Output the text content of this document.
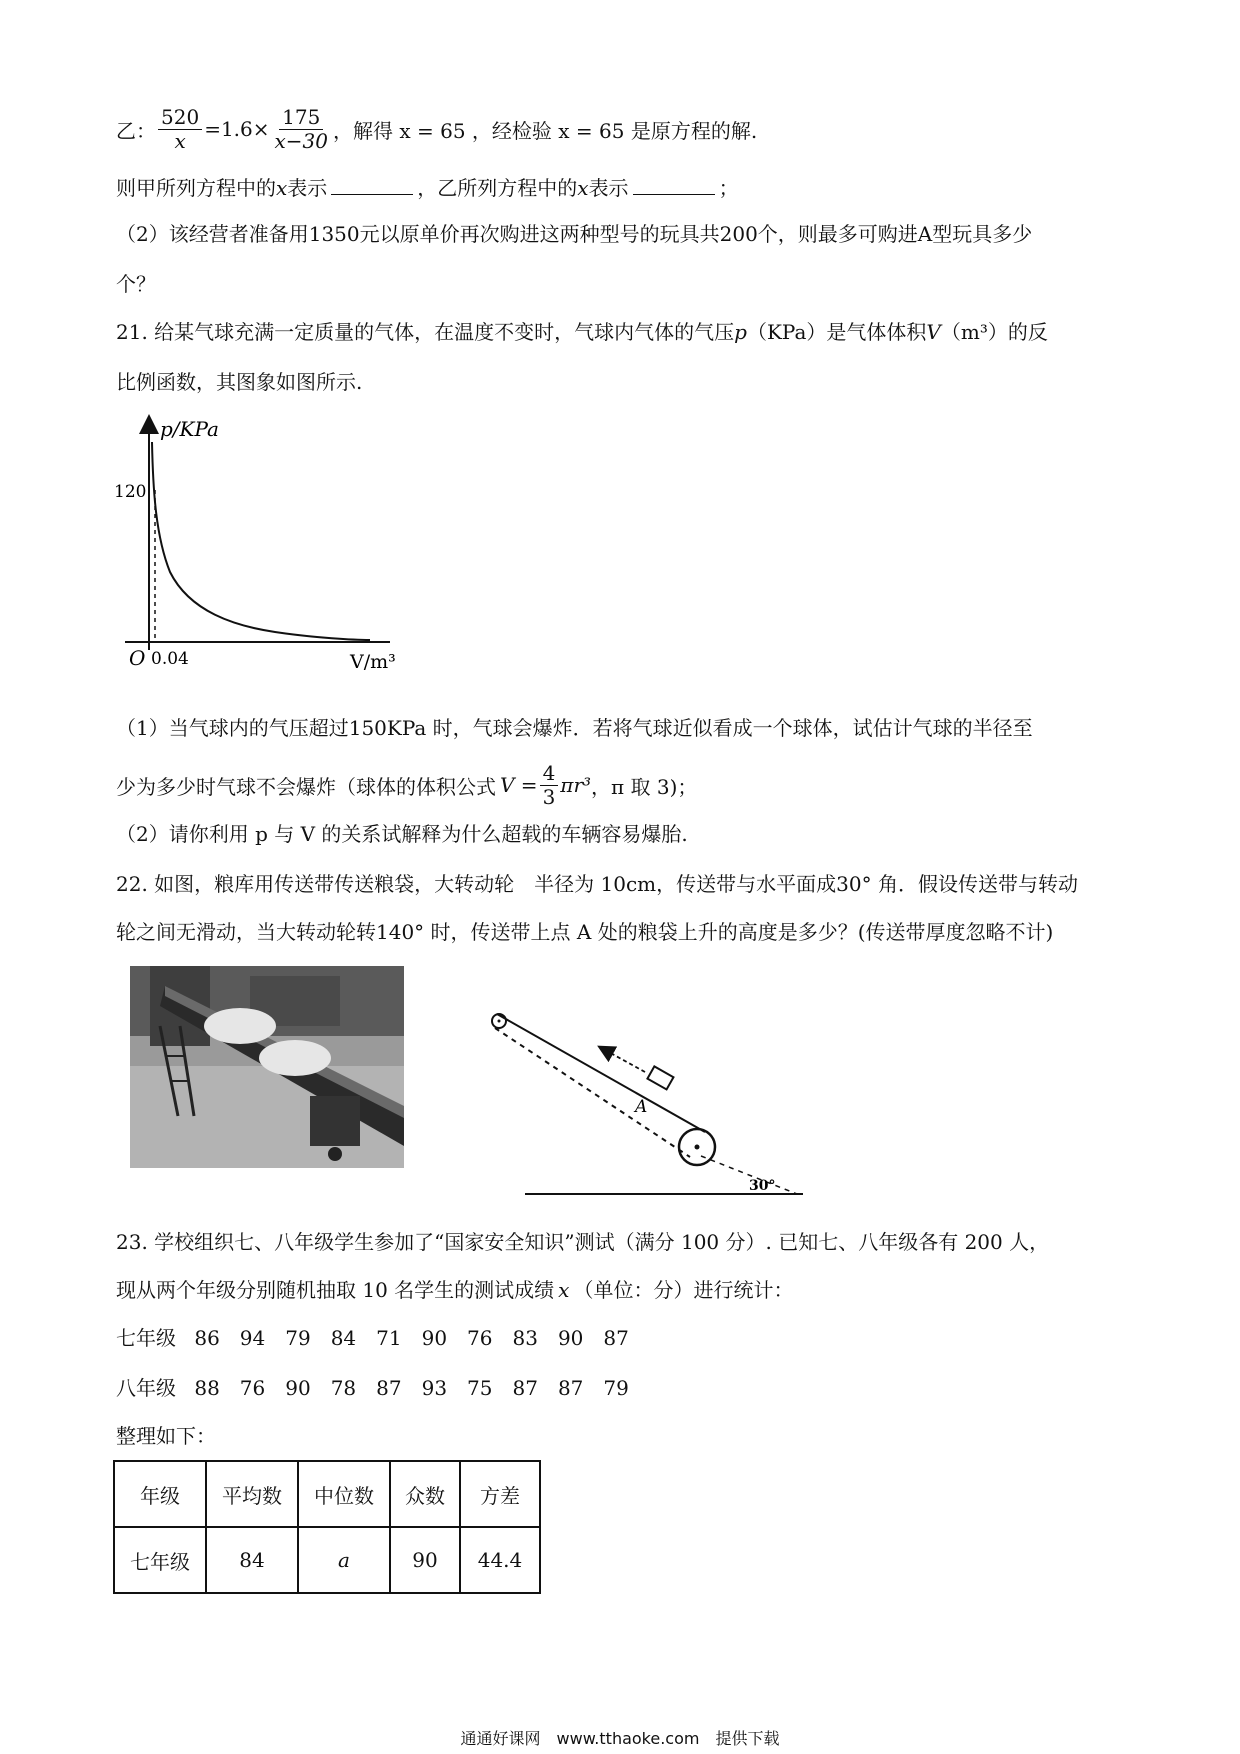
乙： $\frac{520}{x} =1.6\times \frac{175}{x-30}$ ，解得 x = 65 ，经检验 x = 65 是原方程的解.
则甲所列方程中的x表示	，乙所列方程中的x表示	；
（2）该经营者准备用1350元以原单价再次购进这两种型号的玩具共200个，则最多可购进A型玩具多少
个？
21. 给某气球充满一定质量的气体，在温度不变时，气球内气体的气压p（KPa）是气体体积V（m³）的反
比例函数，其图象如图所示.
p/KPa
120
O 0.04	V/m³
（1）当气球内的气压超过150KPa 时，气球会爆炸．若将气球近似看成一个球体，试估计气球的半径至
少为多少时气球不会爆炸（球体的体积公式 $V = \frac{4}{3} \pi r^3$ ，π 取 3)；
（2）请你利用 p 与 V 的关系试解释为什么超载的车辆容易爆胎.
22. 如图，粮库用传送带传送粮袋，大转动轮　半径为 10cm，传送带与水平面成30° 角．假设传送带与转动
轮之间无滑动，当大转动轮转140° 时，传送带上点 A 处的粮袋上升的高度是多少？(传送带厚度忽略不计)
A
30°
23. 学校组织七、八年级学生参加了“国家安全知识”测试（满分 100 分）. 已知七、八年级各有 200 人，
现从两个年级分别随机抽取 10 名学生的测试成绩 x （单位：分）进行统计：
七年级 86　94　79　84　71　90　76　83　90　87
八年级 88　76　90　78　87　93　75　87　87　79
整理如下：
年级	平均数	中位数	众数	方差
七年级	84	a	90	44.4
通通好课网　www.tthaoke.com　提供下载
